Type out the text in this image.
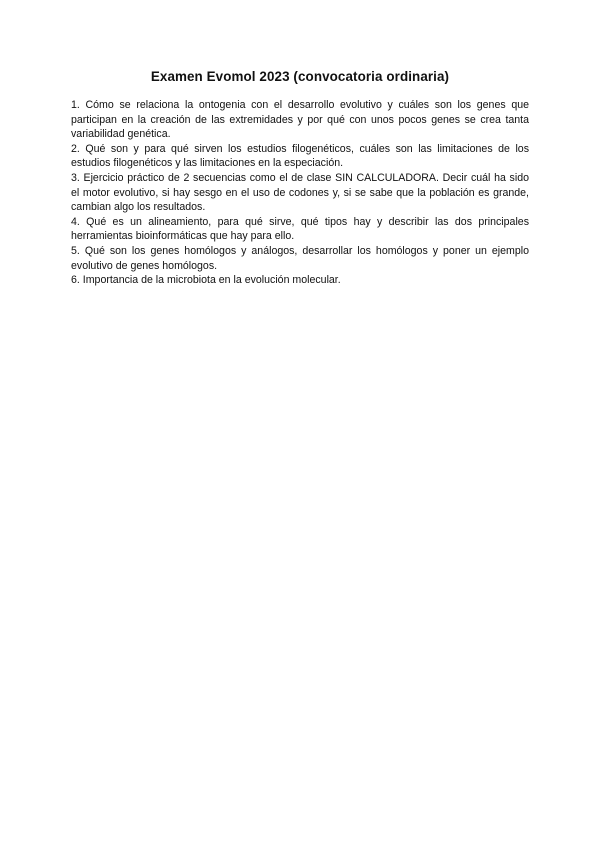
Examen Evomol 2023 (convocatoria ordinaria)

1. Cómo se relaciona la ontogenia con el desarrollo evolutivo y cuáles son los genes que participan en la creación de las extremidades y por qué con unos pocos genes se crea tanta variabilidad genética.

2. Qué son y para qué sirven los estudios filogenéticos, cuáles son las limitaciones de los estudios filogenéticos y las limitaciones en la especiación.

3. Ejercicio práctico de 2 secuencias como el de clase SIN CALCULADORA. Decir cuál ha sido el motor evolutivo, si hay sesgo en el uso de codones y, si se sabe que la población es grande, cambian algo los resultados.

4. Qué es un alineamiento, para qué sirve, qué tipos hay y describir las dos principales herramientas bioinformáticas que hay para ello.

5. Qué son los genes homólogos y análogos, desarrollar los homólogos y poner un ejemplo evolutivo de genes homólogos.

6. Importancia de la microbiota en la evolución molecular.
